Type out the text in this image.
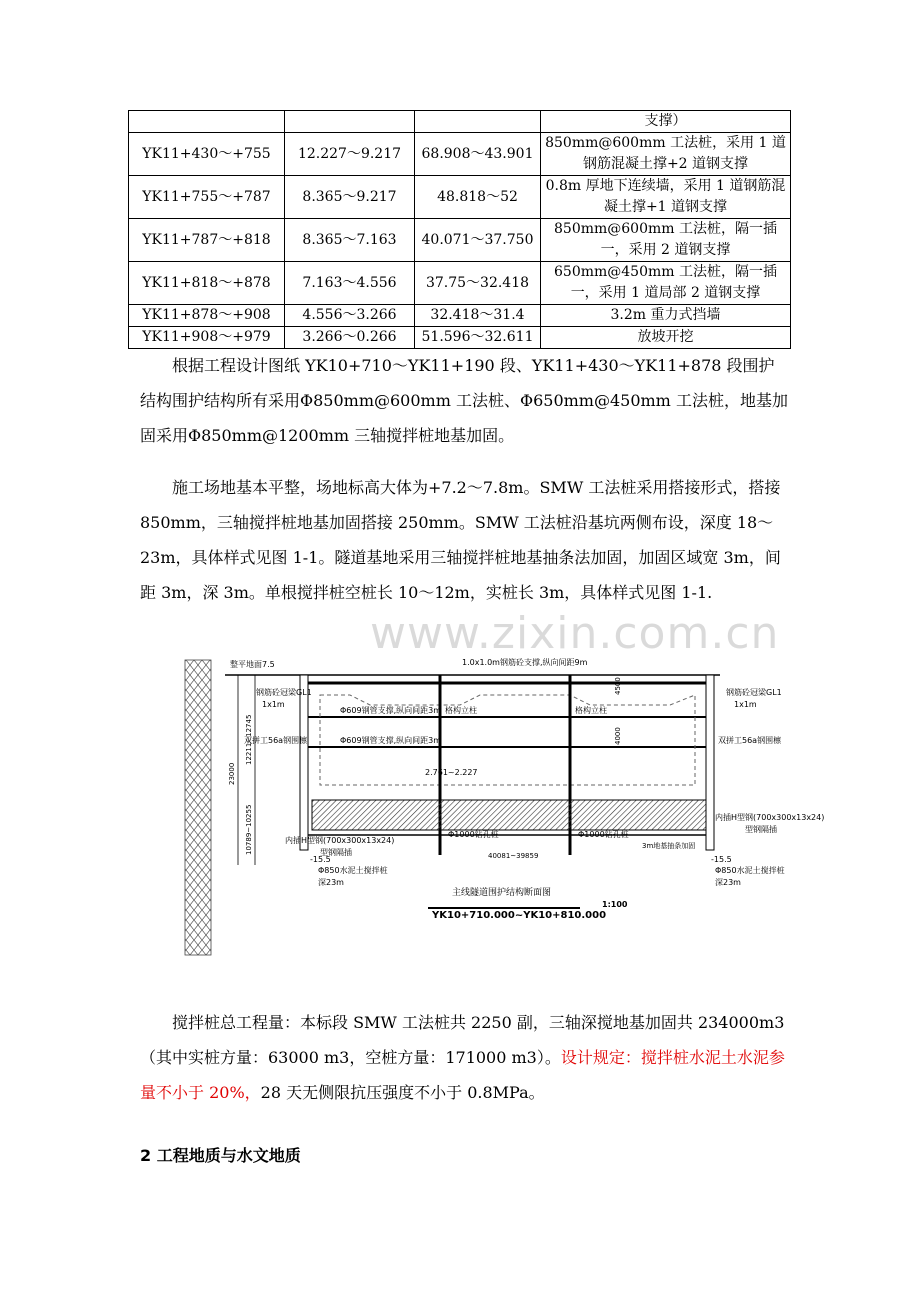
			支撑）
YK11+430～+755	12.227～9.217	68.908～43.901	850mm@600mm 工法桩，采用 1 道钢筋混凝土撑+2 道钢支撑
YK11+755～+787	8.365～9.217	48.818～52	0.8m 厚地下连续墙，采用 1 道钢筋混凝土撑+1 道钢支撑
YK11+787～+818	8.365～7.163	40.071～37.750	850mm@600mm 工法桩，隔一插一，采用 2 道钢支撑
YK11+818～+878	7.163～4.556	37.75～32.418	650mm@450mm 工法桩，隔一插一，采用 1 道局部 2 道钢支撑
YK11+878～+908	4.556～3.266	32.418～31.4	3.2m 重力式挡墙
YK11+908～+979	3.266～0.266	51.596～32.611	放坡开挖

根据工程设计图纸 YK10+710～YK11+190 段、YK11+430～YK11+878 段围护结构围护结构所有采用Φ850mm@600mm 工法桩、Φ650mm@450mm 工法桩，地基加固采用Φ850mm@1200mm 三轴搅拌桩地基加固。

施工场地基本平整，场地标高大体为+7.2～7.8m。SMW 工法桩采用搭接形式，搭接 850mm，三轴搅拌桩地基加固搭接 250mm。SMW 工法桩沿基坑两侧布设，深度 18～23m，具体样式见图 1-1。隧道基地采用三轴搅拌桩地基抽条法加固，加固区域宽 3m，间距 3m，深 3m。单根搅拌桩空桩长 10～12m，实桩长 3m，具体样式见图 1-1.

www.zixin.com.cn
整平地面7.5	1.0x1.0m钢筋砼支撑,纵向间距9m
钢筋砼冠梁GL1
1x1m
钢筋砼冠梁GL1
1x1m
Φ609钢管支撑,纵向间距3m
Φ609钢管支撑,纵向间距3m
格构立柱	格构立柱
双拼工56a钢围檩	双拼工56a钢围檩
4500
4000
23000
12211~12745
10789~10255
2.761~2.227
内插H型钢(700x300x13x24)
型钢隔插
内插H型钢(700x300x13x24)
型钢隔插
Φ1000钻孔桩	Φ1000钻孔桩
3m地基抽条加固
40081~39859
-15.5	-15.5
Φ850水泥土搅拌桩
深23m
Φ850水泥土搅拌桩
深23m
主线隧道围护结构断面图
YK10+710.000~YK10+810.000
1:100

搅拌桩总工程量：本标段 SMW 工法桩共 2250 副，三轴深搅地基加固共 234000m3（其中实桩方量：63000 m3，空桩方量：171000 m3）。设计规定：搅拌桩水泥土水泥参量不小于 20%，28 天无侧限抗压强度不小于 0.8MPa。

2 工程地质与水文地质
